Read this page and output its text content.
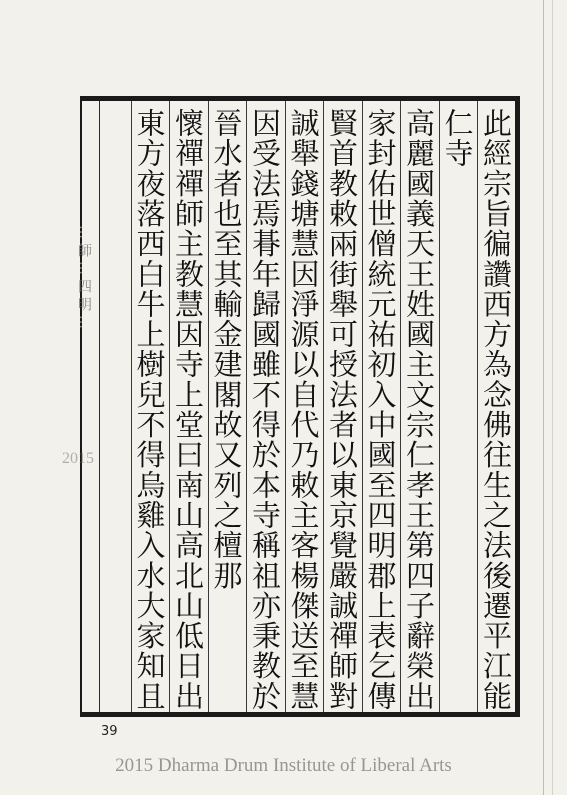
…師…四明…	此經宗旨徧讚西方為念佛往生之法後遷平江能
仁寺
高麗國義天王姓國主文宗仁孝王第四子辭榮出
家封佑世僧統元祐初入中國至四明郡上表乞傳
賢首教敕兩街舉可授法者以東京覺嚴誠禪師對
誠舉錢塘慧因淨源以自代乃敕主客楊傑送至慧
因受法焉朞年歸國雖不得於本寺稱祖亦秉教於
晉水者也至其輸金建閣故又列之檀那
懷禪禪師主教慧因寺上堂曰南山高北山低日出
東方夜落西白牛上樹兒不得烏雞入水大家知且
39
2015
2015 Dharma Drum Institute of Liberal Arts
